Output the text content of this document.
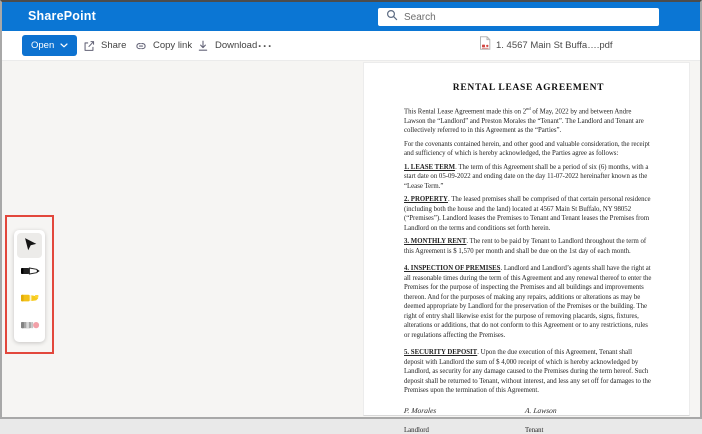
SharePoint
Search
Open	Share	Copy link Download ···	1. 4567 Main St Buffa….pdf
RENTAL LEASE AGREEMENT

This Rental Lease Agreement made this on 2nd of May, 2022 by and between Andre Lawson the “Landlord” and Preston Morales the “Tenant”. The Landlord and Tenant are collectively referred to in this Agreement as the “Parties”.

For the covenants contained herein, and other good and valuable consideration, the receipt and sufficiency of which is hereby acknowledged, the Parties agree as follows:

1. LEASE TERM. The term of this Agreement shall be a period of six (6) months, with a start date on 05-09-2022 and ending date on the day 11-07-2022 hereinafter known as the “Lease Term.”

2. PROPERTY. The leased premises shall be comprised of that certain personal residence (including both the house and the land) located at 4567 Main St Buffalo, NY 98052 (“Premises”). Landlord leases the Premises to Tenant and Tenant leases the Premises from Landlord on the terms and conditions set forth herein.

3. MONTHLY RENT. The rent to be paid by Tenant to Landlord throughout the term of this Agreement is $ 1,570 per month and shall be due on the 1st day of each month.

4. INSPECTION OF PREMISES. Landlord and Landlord’s agents shall have the right at all reasonable times during the term of this Agreement and any renewal thereof to enter the Premises for the purpose of inspecting the Premises and all buildings and improvements thereon. And for the purposes of making any repairs, additions or alterations as may be deemed appropriate by Landlord for the preservation of the Premises or the building. The right of entry shall likewise exist for the purpose of removing placards, signs, fixtures, alterations or additions, that do not conform to this Agreement or to any restrictions, rules or regulations affecting the Premises.

5. SECURITY DEPOSIT. Upon the due execution of this Agreement, Tenant shall deposit with Landlord the sum of $ 4,000 receipt of which is hereby acknowledged by Landlord, as security for any damage caused to the Premises during the term hereof. Such deposit shall be returned to Tenant, without interest, and less any set off for damages to the Premises upon the termination of this Agreement.

P. Morales	A. Lawson
Landlord	Tenant
